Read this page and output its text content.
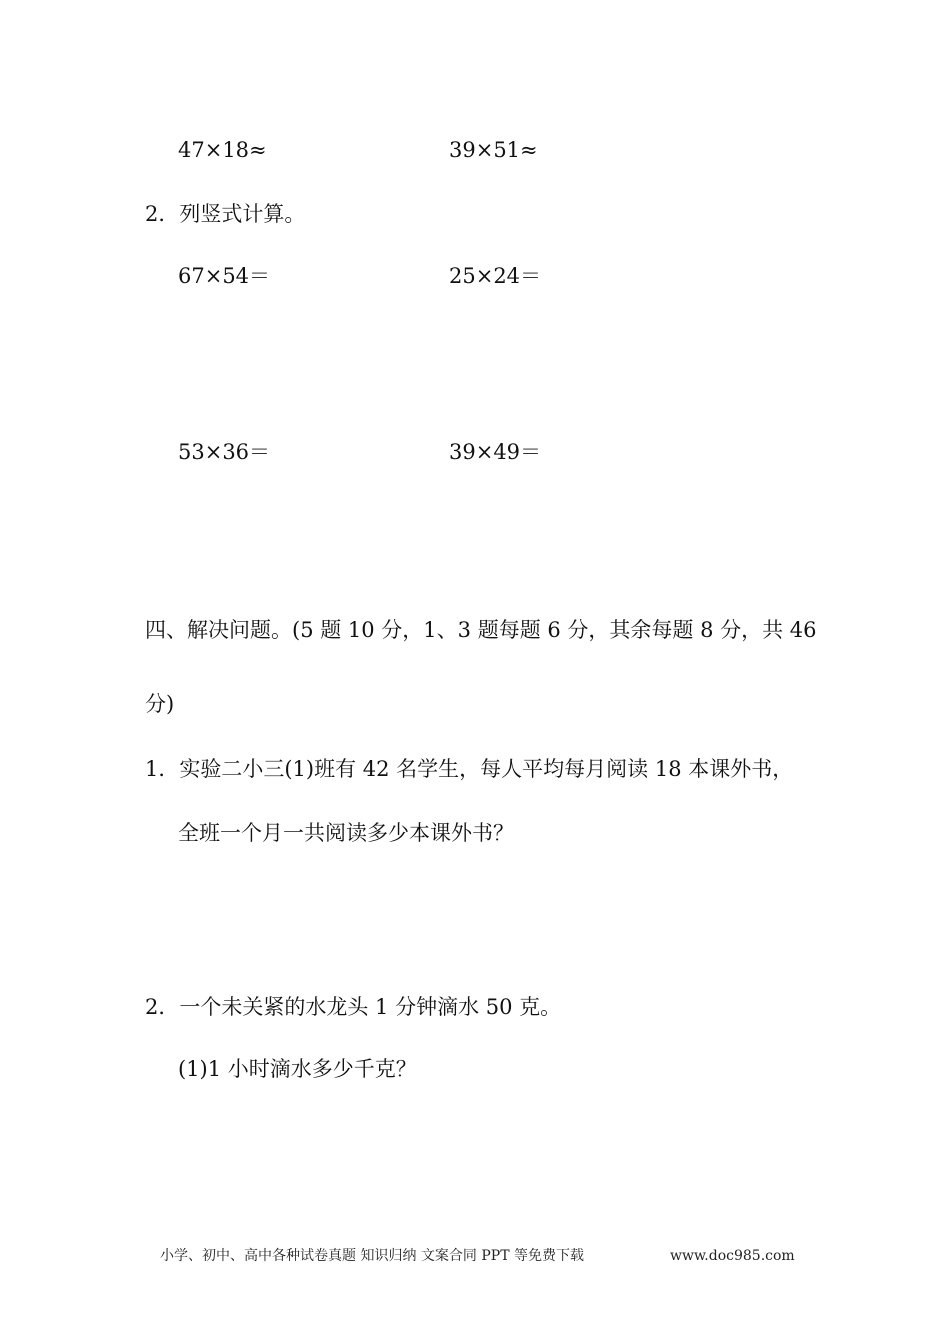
47×18≈	39×51≈
2．列竖式计算。
67×54＝	25×24＝
53×36＝	39×49＝
四、解决问题。(5 题 10 分，1、3 题每题 6 分，其余每题 8 分，共 46
分)
1．实验二小三(1)班有 42 名学生，每人平均每月阅读 18 本课外书，
全班一个月一共阅读多少本课外书？
2．一个未关紧的水龙头 1 分钟滴水 50 克。
(1)1 小时滴水多少千克？
小学、初中、高中各种试卷真题 知识归纳 文案合同 PPT 等免费下载	www.doc985.com
